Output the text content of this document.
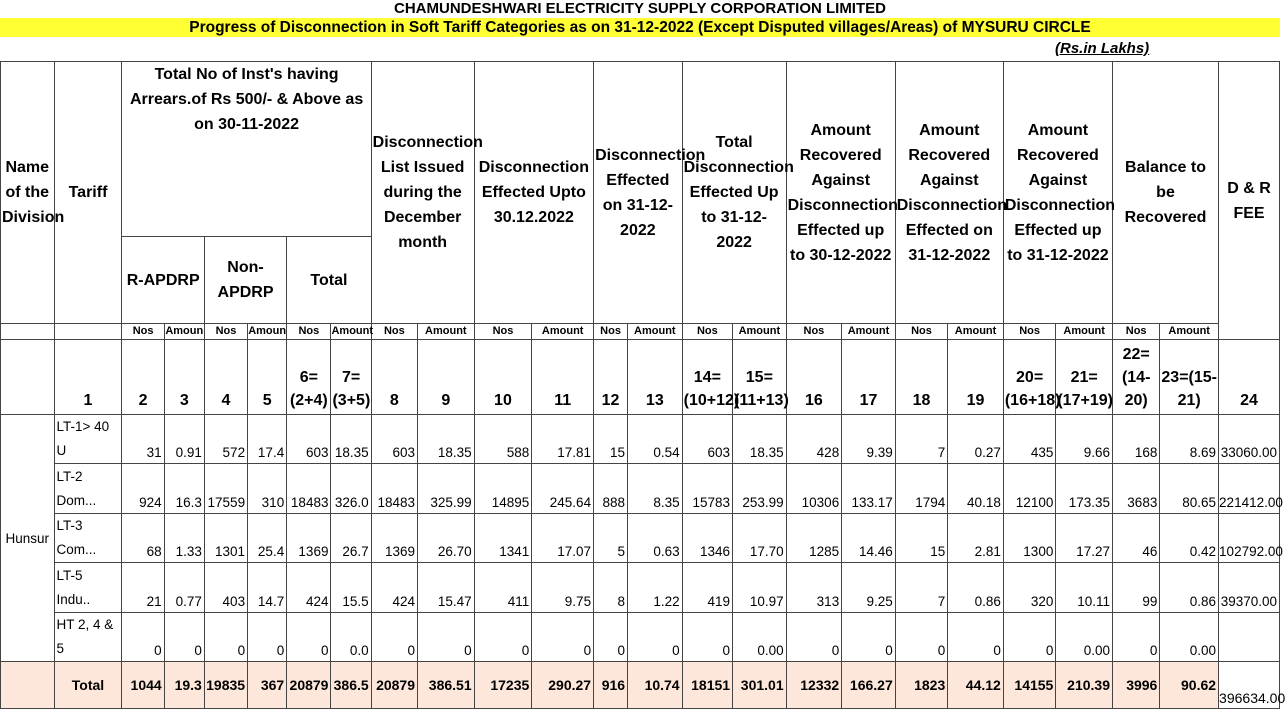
CHAMUNDESHWARI ELECTRICITY SUPPLY CORPORATION LIMITED
Progress of Disconnection in Soft Tariff Categories as on 31-12-2022 (Except Disputed villages/Areas) of MYSURU CIRCLE
(Rs.in Lakhs)
Name of the Division	Tariff	Total No of Inst's having Arrears.of Rs 500/- & Above as on 30-11-2022						Disconnection List Issued during the December month		Disconnection Effected Upto 30.12.2022		Disconnection Effected on 31-12-2022		Total Disconnection Effected Up to 31-12-2022		Amount Recovered Against Disconnection Effected up to 30-12-2022		Amount Recovered Against Disconnection Effected on 31-12-2022		Amount Recovered Against Disconnection Effected up to 31-12-2022		Balance to be Recovered		D & R FEE
		R-APDRP		Non-APDRP		Total																		
		Nos	Amoun	Nos	Amoun	Nos	Amount	Nos	Amount	Nos	Amount	Nos	Amount	Nos	Amount	Nos	Amount	Nos	Amount	Nos	Amount	Nos	Amount	
	1	2	3	4	5	6=(2+4)	7=(3+5)	8	9	10	11	12	13	14=(10+12)	15=(11+13)	16	17	18	19	20=(16+18)	21=(17+19)	22=(14-20)	23=(15-21)	24
Hunsur	LT-1> 40 U	31	0.91	572	17.4	603	18.35	603	18.35	588	17.81	15	0.54	603	18.35	428	9.39	7	0.27	435	9.66	168	8.69	33060.00
	LT-2 Dom...	924	16.3	17559	310	18483	326.0	18483	325.99	14895	245.64	888	8.35	15783	253.99	10306	133.17	1794	40.18	12100	173.35	3683	80.65	221412.00
	LT-3 Com...	68	1.33	1301	25.4	1369	26.7	1369	26.70	1341	17.07	5	0.63	1346	17.70	1285	14.46	15	2.81	1300	17.27	46	0.42	102792.00
	LT-5 Indu..	21	0.77	403	14.7	424	15.5	424	15.47	411	9.75	8	1.22	419	10.97	313	9.25	7	0.86	320	10.11	99	0.86	39370.00
	HT 2, 4 & 5	0	0	0	0	0	0.0	0	0	0	0	0	0	0	0.00	0	0	0	0	0	0.00	0	0.00	
	Total	1044	19.3	19835	367	20879	386.5	20879	386.51	17235	290.27	916	10.74	18151	301.01	12332	166.27	1823	44.12	14155	210.39	3996	90.62	396634.00
